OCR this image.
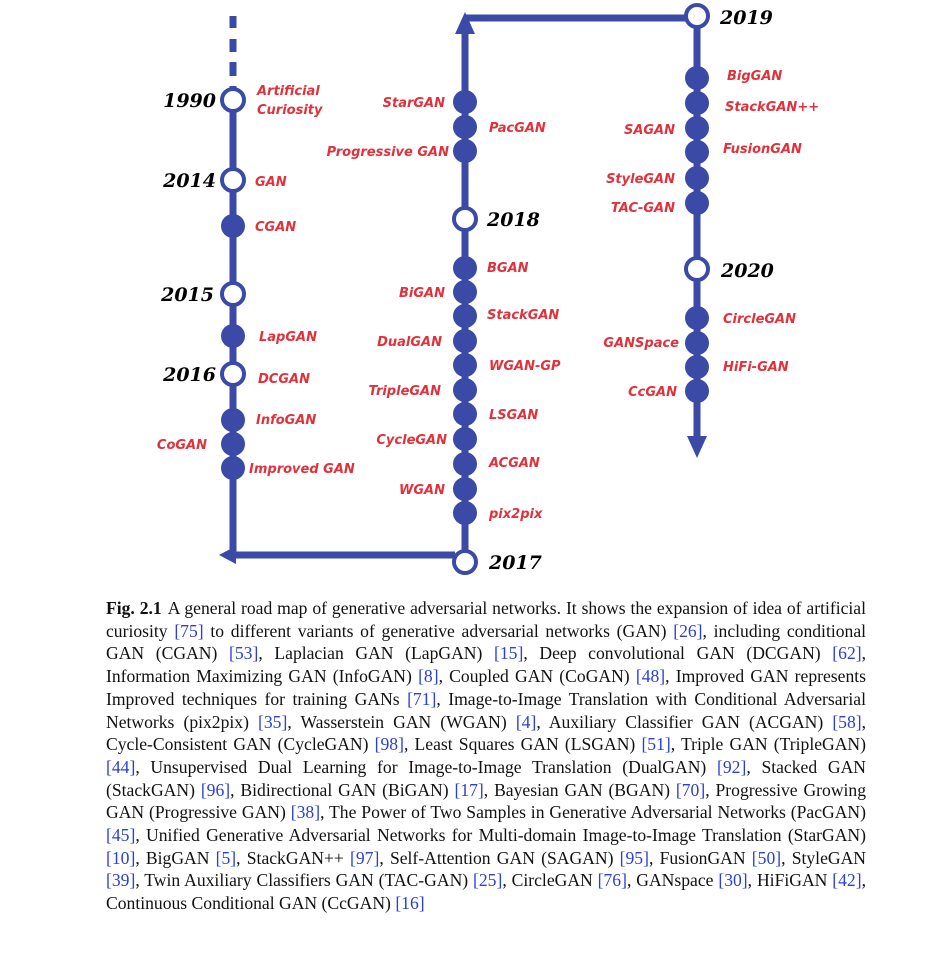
1990
2014
2015
2016
2017
2018
2019
2020
Artificial
Curiosity
GAN
CGAN
LapGAN
DCGAN
InfoGAN
CoGAN
Improved GAN
pix2pix
WGAN
ACGAN
CycleGAN
LSGAN
TripleGAN
WGAN-GP
DualGAN
StackGAN
BiGAN
BGAN
Progressive GAN
PacGAN
StarGAN
BigGAN
StackGAN++
SAGAN
FusionGAN
StyleGAN
TAC-GAN
CircleGAN
GANSpace
HiFi-GAN
CcGAN

Fig. 2.1 A general road map of generative adversarial networks. It shows the expansion of idea of artificial curiosity [75] to different variants of generative adversarial networks (GAN) [26], including conditional GAN (CGAN) [53], Laplacian GAN (LapGAN) [15], Deep convolutional GAN (DCGAN) [62], Information Maximizing GAN (InfoGAN) [8], Coupled GAN (CoGAN) [48], Improved GAN represents Improved techniques for training GANs [71], Image-to-Image Translation with Conditional Adversarial Networks (pix2pix) [35], Wasserstein GAN (WGAN) [4], Auxiliary Classifier GAN (ACGAN) [58], Cycle-Consistent GAN (CycleGAN) [98], Least Squares GAN (LSGAN) [51], Triple GAN (TripleGAN) [44], Unsupervised Dual Learning for Image-to-Image Translation (DualGAN) [92], Stacked GAN (StackGAN) [96], Bidirectional GAN (BiGAN) [17], Bayesian GAN (BGAN) [70], Progressive Growing GAN (Progressive GAN) [38], The Power of Two Samples in Generative Adversarial Networks (PacGAN) [45], Unified Generative Adversarial Networks for Multi-domain Image-to-Image Translation (StarGAN) [10], BigGAN [5], StackGAN++ [97], Self-Attention GAN (SAGAN) [95], FusionGAN [50], StyleGAN [39], Twin Auxiliary Classifiers GAN (TAC-GAN) [25], CircleGAN [76], GANspace [30], HiFiGAN [42], Continuous Conditional GAN (CcGAN) [16]
